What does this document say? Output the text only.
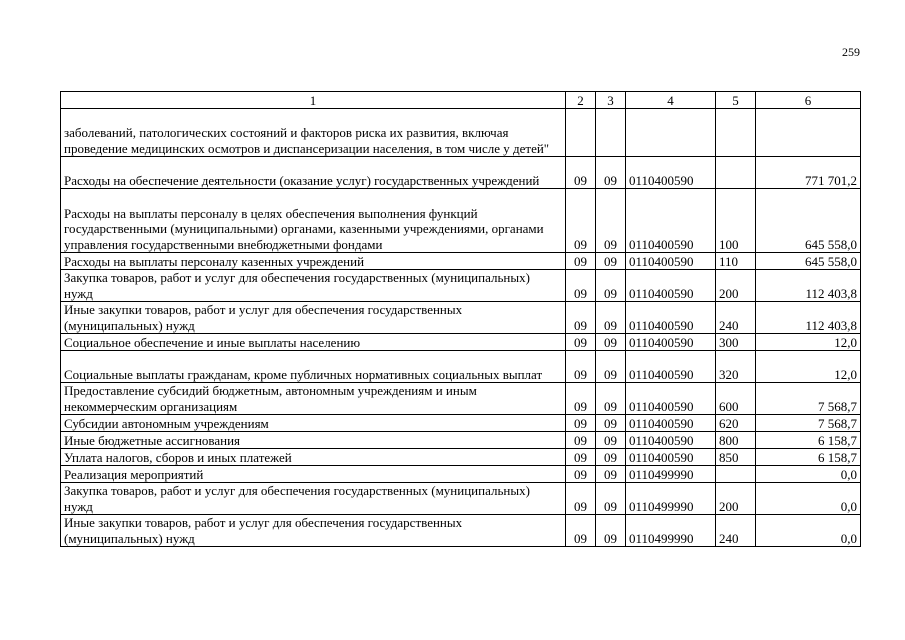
259
1	2	3	4	5	6
заболеваний, патологических состояний и факторов риска их развития, включая проведение медицинских осмотров и диспансеризации населения, в том числе у детей"					
Расходы на обеспечение деятельности (оказание услуг) государственных учреждений	09	09	0110400590		771 701,2
Расходы на выплаты персоналу в целях обеспечения выполнения функций государственными (муниципальными) органами, казенными учреждениями, органами управления государственными внебюджетными фондами	09	09	0110400590	100	645 558,0
Расходы на выплаты персоналу казенных учреждений	09	09	0110400590	110	645 558,0
Закупка товаров, работ и услуг для обеспечения государственных (муниципальных) нужд	09	09	0110400590	200	112 403,8
Иные закупки товаров, работ и услуг для обеспечения государственных (муниципальных) нужд	09	09	0110400590	240	112 403,8
Социальное обеспечение и иные выплаты населению	09	09	0110400590	300	12,0
Социальные выплаты гражданам, кроме публичных нормативных социальных выплат	09	09	0110400590	320	12,0
Предоставление субсидий бюджетным, автономным учреждениям и иным некоммерческим организациям	09	09	0110400590	600	7 568,7
Субсидии автономным учреждениям	09	09	0110400590	620	7 568,7
Иные бюджетные ассигнования	09	09	0110400590	800	6 158,7
Уплата налогов, сборов и иных платежей	09	09	0110400590	850	6 158,7
Реализация мероприятий	09	09	0110499990		0,0
Закупка товаров, работ и услуг для обеспечения государственных (муниципальных) нужд	09	09	0110499990	200	0,0
Иные закупки товаров, работ и услуг для обеспечения государственных (муниципальных) нужд	09	09	0110499990	240	0,0
